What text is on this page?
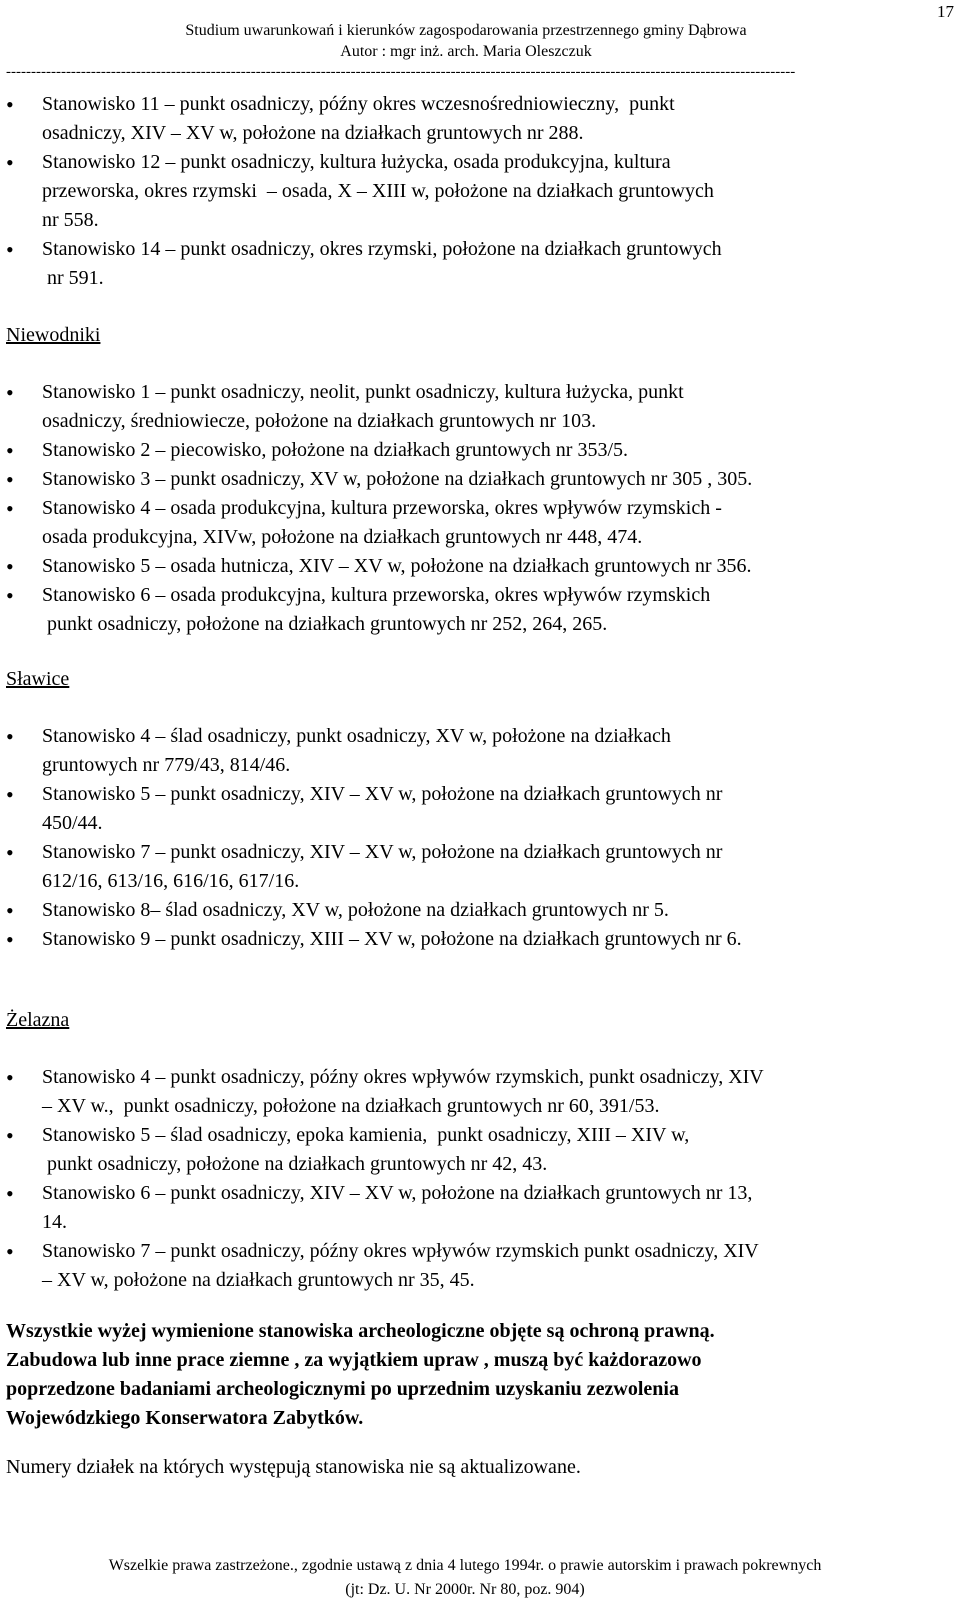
17
Studium uwarunkowań i kierunków zagospodarowania przestrzennego gminy Dąbrowa
Autor : mgr inż. arch. Maria Oleszczuk
--------------------------------------------------------------------------------------------------------------------------------------------------------------
• Stanowisko 11 – punkt osadniczy, późny okres wczesnośredniowieczny,  punkt
osadniczy, XIV – XV w, położone na działkach gruntowych nr 288.
• Stanowisko 12 – punkt osadniczy, kultura łużycka, osada produkcyjna, kultura
przeworska, okres rzymski  – osada, X – XIII w, położone na działkach gruntowych
nr 558.
• Stanowisko 14 – punkt osadniczy, okres rzymski, położone na działkach gruntowych
nr 591.
Niewodniki
• Stanowisko 1 – punkt osadniczy, neolit, punkt osadniczy, kultura łużycka, punkt
osadniczy, średniowiecze, położone na działkach gruntowych nr 103.
• Stanowisko 2 – piecowisko, położone na działkach gruntowych nr 353/5.
• Stanowisko 3 – punkt osadniczy, XV w, położone na działkach gruntowych nr 305 , 305.
• Stanowisko 4 – osada produkcyjna, kultura przeworska, okres wpływów rzymskich -
osada produkcyjna, XIVw, położone na działkach gruntowych nr 448, 474.
• Stanowisko 5 – osada hutnicza, XIV – XV w, położone na działkach gruntowych nr 356.
• Stanowisko 6 – osada produkcyjna, kultura przeworska, okres wpływów rzymskich
punkt osadniczy, położone na działkach gruntowych nr 252, 264, 265.
Sławice
• Stanowisko 4 – ślad osadniczy, punkt osadniczy, XV w, położone na działkach
gruntowych nr 779/43, 814/46.
• Stanowisko 5 – punkt osadniczy, XIV – XV w, położone na działkach gruntowych nr
450/44.
• Stanowisko 7 – punkt osadniczy, XIV – XV w, położone na działkach gruntowych nr
612/16, 613/16, 616/16, 617/16.
• Stanowisko 8– ślad osadniczy, XV w, położone na działkach gruntowych nr 5.
• Stanowisko 9 – punkt osadniczy, XIII – XV w, położone na działkach gruntowych nr 6.
Żelazna
• Stanowisko 4 – punkt osadniczy, późny okres wpływów rzymskich, punkt osadniczy, XIV
– XV w.,  punkt osadniczy, położone na działkach gruntowych nr 60, 391/53.
• Stanowisko 5 – ślad osadniczy, epoka kamienia,  punkt osadniczy, XIII – XIV w,
punkt osadniczy, położone na działkach gruntowych nr 42, 43.
• Stanowisko 6 – punkt osadniczy, XIV – XV w, położone na działkach gruntowych nr 13,
14.
• Stanowisko 7 – punkt osadniczy, późny okres wpływów rzymskich punkt osadniczy, XIV
– XV w, położone na działkach gruntowych nr 35, 45.
Wszystkie wyżej wymienione stanowiska archeologiczne objęte są ochroną prawną.
Zabudowa lub inne prace ziemne , za wyjątkiem upraw , muszą być każdorazowo
poprzedzone badaniami archeologicznymi po uprzednim uzyskaniu zezwolenia
Wojewódzkiego Konserwatora Zabytków.
Numery działek na których występują stanowiska nie są aktualizowane.
Wszelkie prawa zastrzeżone., zgodnie ustawą z dnia 4 lutego 1994r. o prawie autorskim i prawach pokrewnych
(jt: Dz. U. Nr 2000r. Nr 80, poz. 904)
